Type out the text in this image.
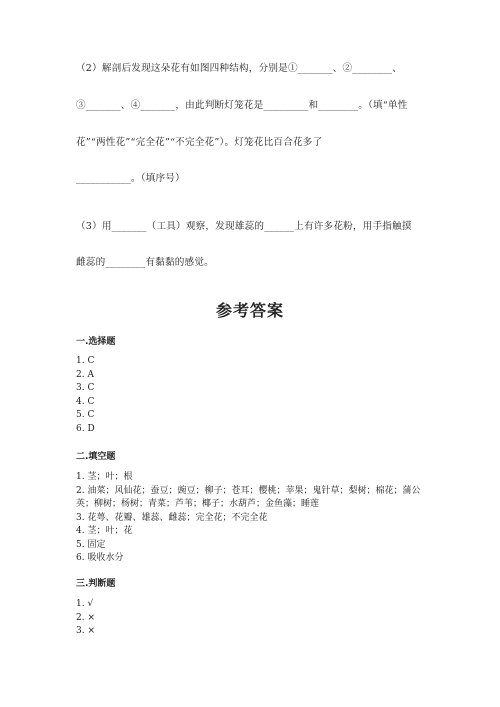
（2）解剖后发现这朵花有如图四种结构，分别是①_______、②________、
③_______、④_______，由此判断灯笼花是_________和________。（填“单性
花”“两性花”“完全花”“不完全花”）。灯笼花比百合花多了
___________。（填序号）
（3）用_______（工具）观察，发现雄蕊的______上有许多花粉，用手指触摸
雌蕊的________有黏黏的感觉。
参考答案
一.选择题
1. C
2. A
3. C
4. C
5. C
6. D
二.填空题
1. 茎；叶；根
2. 油菜；风仙花；蚕豆；豌豆；柳子；苍耳；樱桃；苹果；鬼针草；梨树；棉花；蒲公英；柳树；杨树；青菜；芦苇；椰子；水葫芦；金鱼藻；睡莲
3. 花萼、花瓣、雄蕊、雌蕊；完全花；不完全花
4. 茎；叶；花
5. 固定
6. 吸收水分
三.判断题
1. √
2. ×
3. ×
